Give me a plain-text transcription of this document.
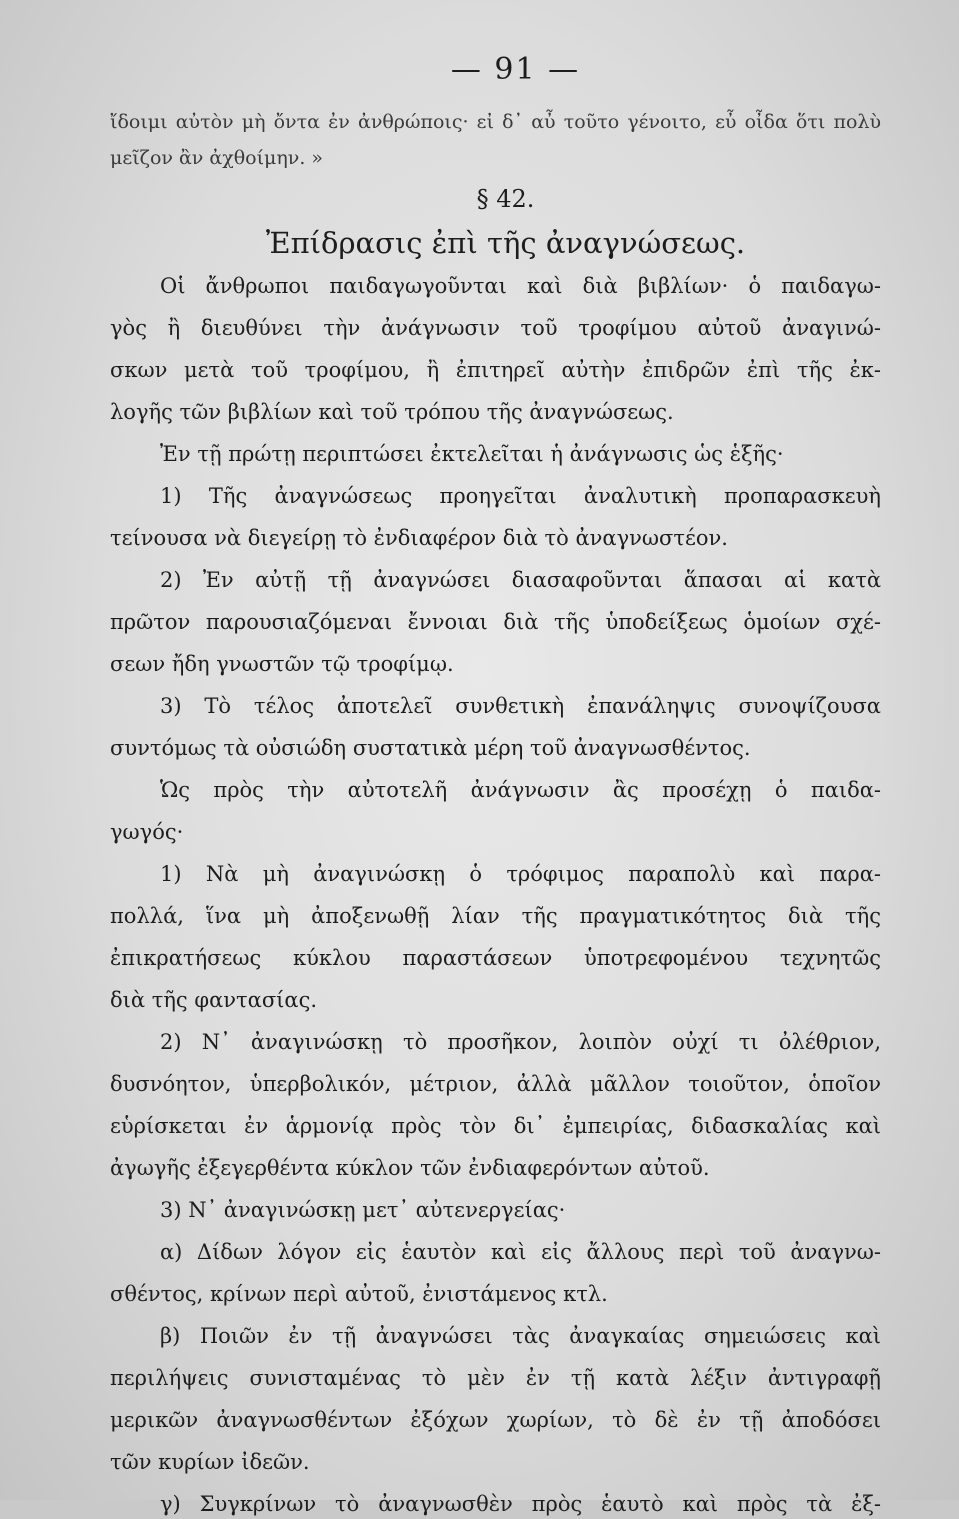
— 91 —
ἴδοιμι αὐτὸν μὴ ὄντα ἐν ἀνθρώποις· εἰ δ᾽ αὖ τοῦτο γένοιτο, εὖ οἶδα ὅτι πολὺ
μεῖζον ἂν ἀχθοίμην. »
§ 42.
Ἐπίδρασις ἐπὶ τῆς ἀναγνώσεως.
Οἱ ἄνθρωποι παιδαγωγοῦνται καὶ διὰ βιβλίων· ὁ παιδαγω-
γὸς ἢ διευθύνει τὴν ἀνάγνωσιν τοῦ τροφίμου αὐτοῦ ἀναγινώ-
σκων μετὰ τοῦ τροφίμου, ἢ ἐπιτηρεῖ αὐτὴν ἐπιδρῶν ἐπὶ τῆς ἐκ-
λογῆς τῶν βιβλίων καὶ τοῦ τρόπου τῆς ἀναγνώσεως.
Ἐν τῇ πρώτῃ περιπτώσει ἐκτελεῖται ἡ ἀνάγνωσις ὡς ἑξῆς·
1) Τῆς ἀναγνώσεως προηγεῖται ἀναλυτικὴ προπαρασκευὴ
τείνουσα νὰ διεγείρῃ τὸ ἐνδιαφέρον διὰ τὸ ἀναγνωστέον.
2) Ἐν αὐτῇ τῇ ἀναγνώσει διασαφοῦνται ἅπασαι αἱ κατὰ
πρῶτον παρουσιαζόμεναι ἔννοιαι διὰ τῆς ὑποδείξεως ὁμοίων σχέ-
σεων ἤδη γνωστῶν τῷ τροφίμῳ.
3) Τὸ τέλος ἀποτελεῖ συνθετικὴ ἐπανάληψις συνοψίζουσα
συντόμως τὰ οὐσιώδη συστατικὰ μέρη τοῦ ἀναγνωσθέντος.
Ὡς πρὸς τὴν αὐτοτελῆ ἀνάγνωσιν ἂς προσέχῃ ὁ παιδα-
γωγός·
1) Νὰ μὴ ἀναγινώσκῃ ὁ τρόφιμος παραπολὺ καὶ παρα-
πολλά, ἵνα μὴ ἀποξενωθῇ λίαν τῆς πραγματικότητος διὰ τῆς
ἐπικρατήσεως κύκλου παραστάσεων ὑποτρεφομένου τεχνητῶς
διὰ τῆς φαντασίας.
2) Ν᾽ ἀναγινώσκῃ τὸ προσῆκον, λοιπὸν οὐχί τι ὀλέθριον,
δυσνόητον, ὑπερβολικόν, μέτριον, ἀλλὰ μᾶλλον τοιοῦτον, ὁποῖον
εὑρίσκεται ἐν ἁρμονίᾳ πρὸς τὸν δι᾽ ἐμπειρίας, διδασκαλίας καὶ
ἀγωγῆς ἐξεγερθέντα κύκλον τῶν ἐνδιαφερόντων αὐτοῦ.
3) Ν᾽ ἀναγινώσκῃ μετ᾽ αὐτενεργείας·
α) Δίδων λόγον εἰς ἑαυτὸν καὶ εἰς ἄλλους περὶ τοῦ ἀναγνω-
σθέντος, κρίνων περὶ αὐτοῦ, ἐνιστάμενος κτλ.
β) Ποιῶν ἐν τῇ ἀναγνώσει τὰς ἀναγκαίας σημειώσεις καὶ
περιλήψεις συνισταμένας τὸ μὲν ἐν τῇ κατὰ λέξιν ἀντιγραφῇ
μερικῶν ἀναγνωσθέντων ἐξόχων χωρίων, τὸ δὲ ἐν τῇ ἀποδόσει
τῶν κυρίων ἰδεῶν.
γ) Συγκρίνων τὸ ἀναγνωσθὲν πρὸς ἑαυτὸ καὶ πρὸς τὰ ἐξ-
